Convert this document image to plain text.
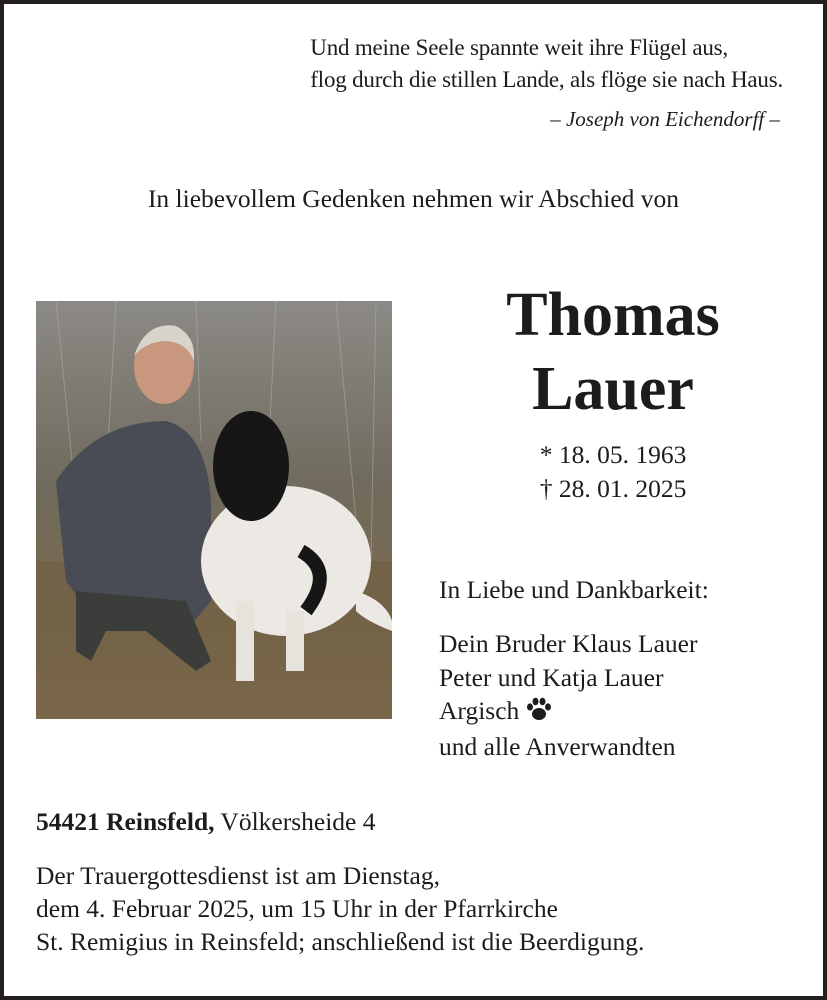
Und meine Seele spannte weit ihre Flügel aus,
flog durch die stillen Lande, als flöge sie nach Haus.
– Joseph von Eichendorff –
In liebevollem Gedenken nehmen wir Abschied von
Thomas
Lauer
* 18. 05. 1963
† 28. 01. 2025
In Liebe und Dankbarkeit:
Dein Bruder Klaus Lauer
Peter und Katja Lauer
Argisch
und alle Anverwandten
54421 Reinsfeld, Völkersheide 4
Der Trauergottesdienst ist am Dienstag,
dem 4. Februar 2025, um 15 Uhr in der Pfarrkirche
St. Remigius in Reinsfeld; anschließend ist die Beerdigung.
